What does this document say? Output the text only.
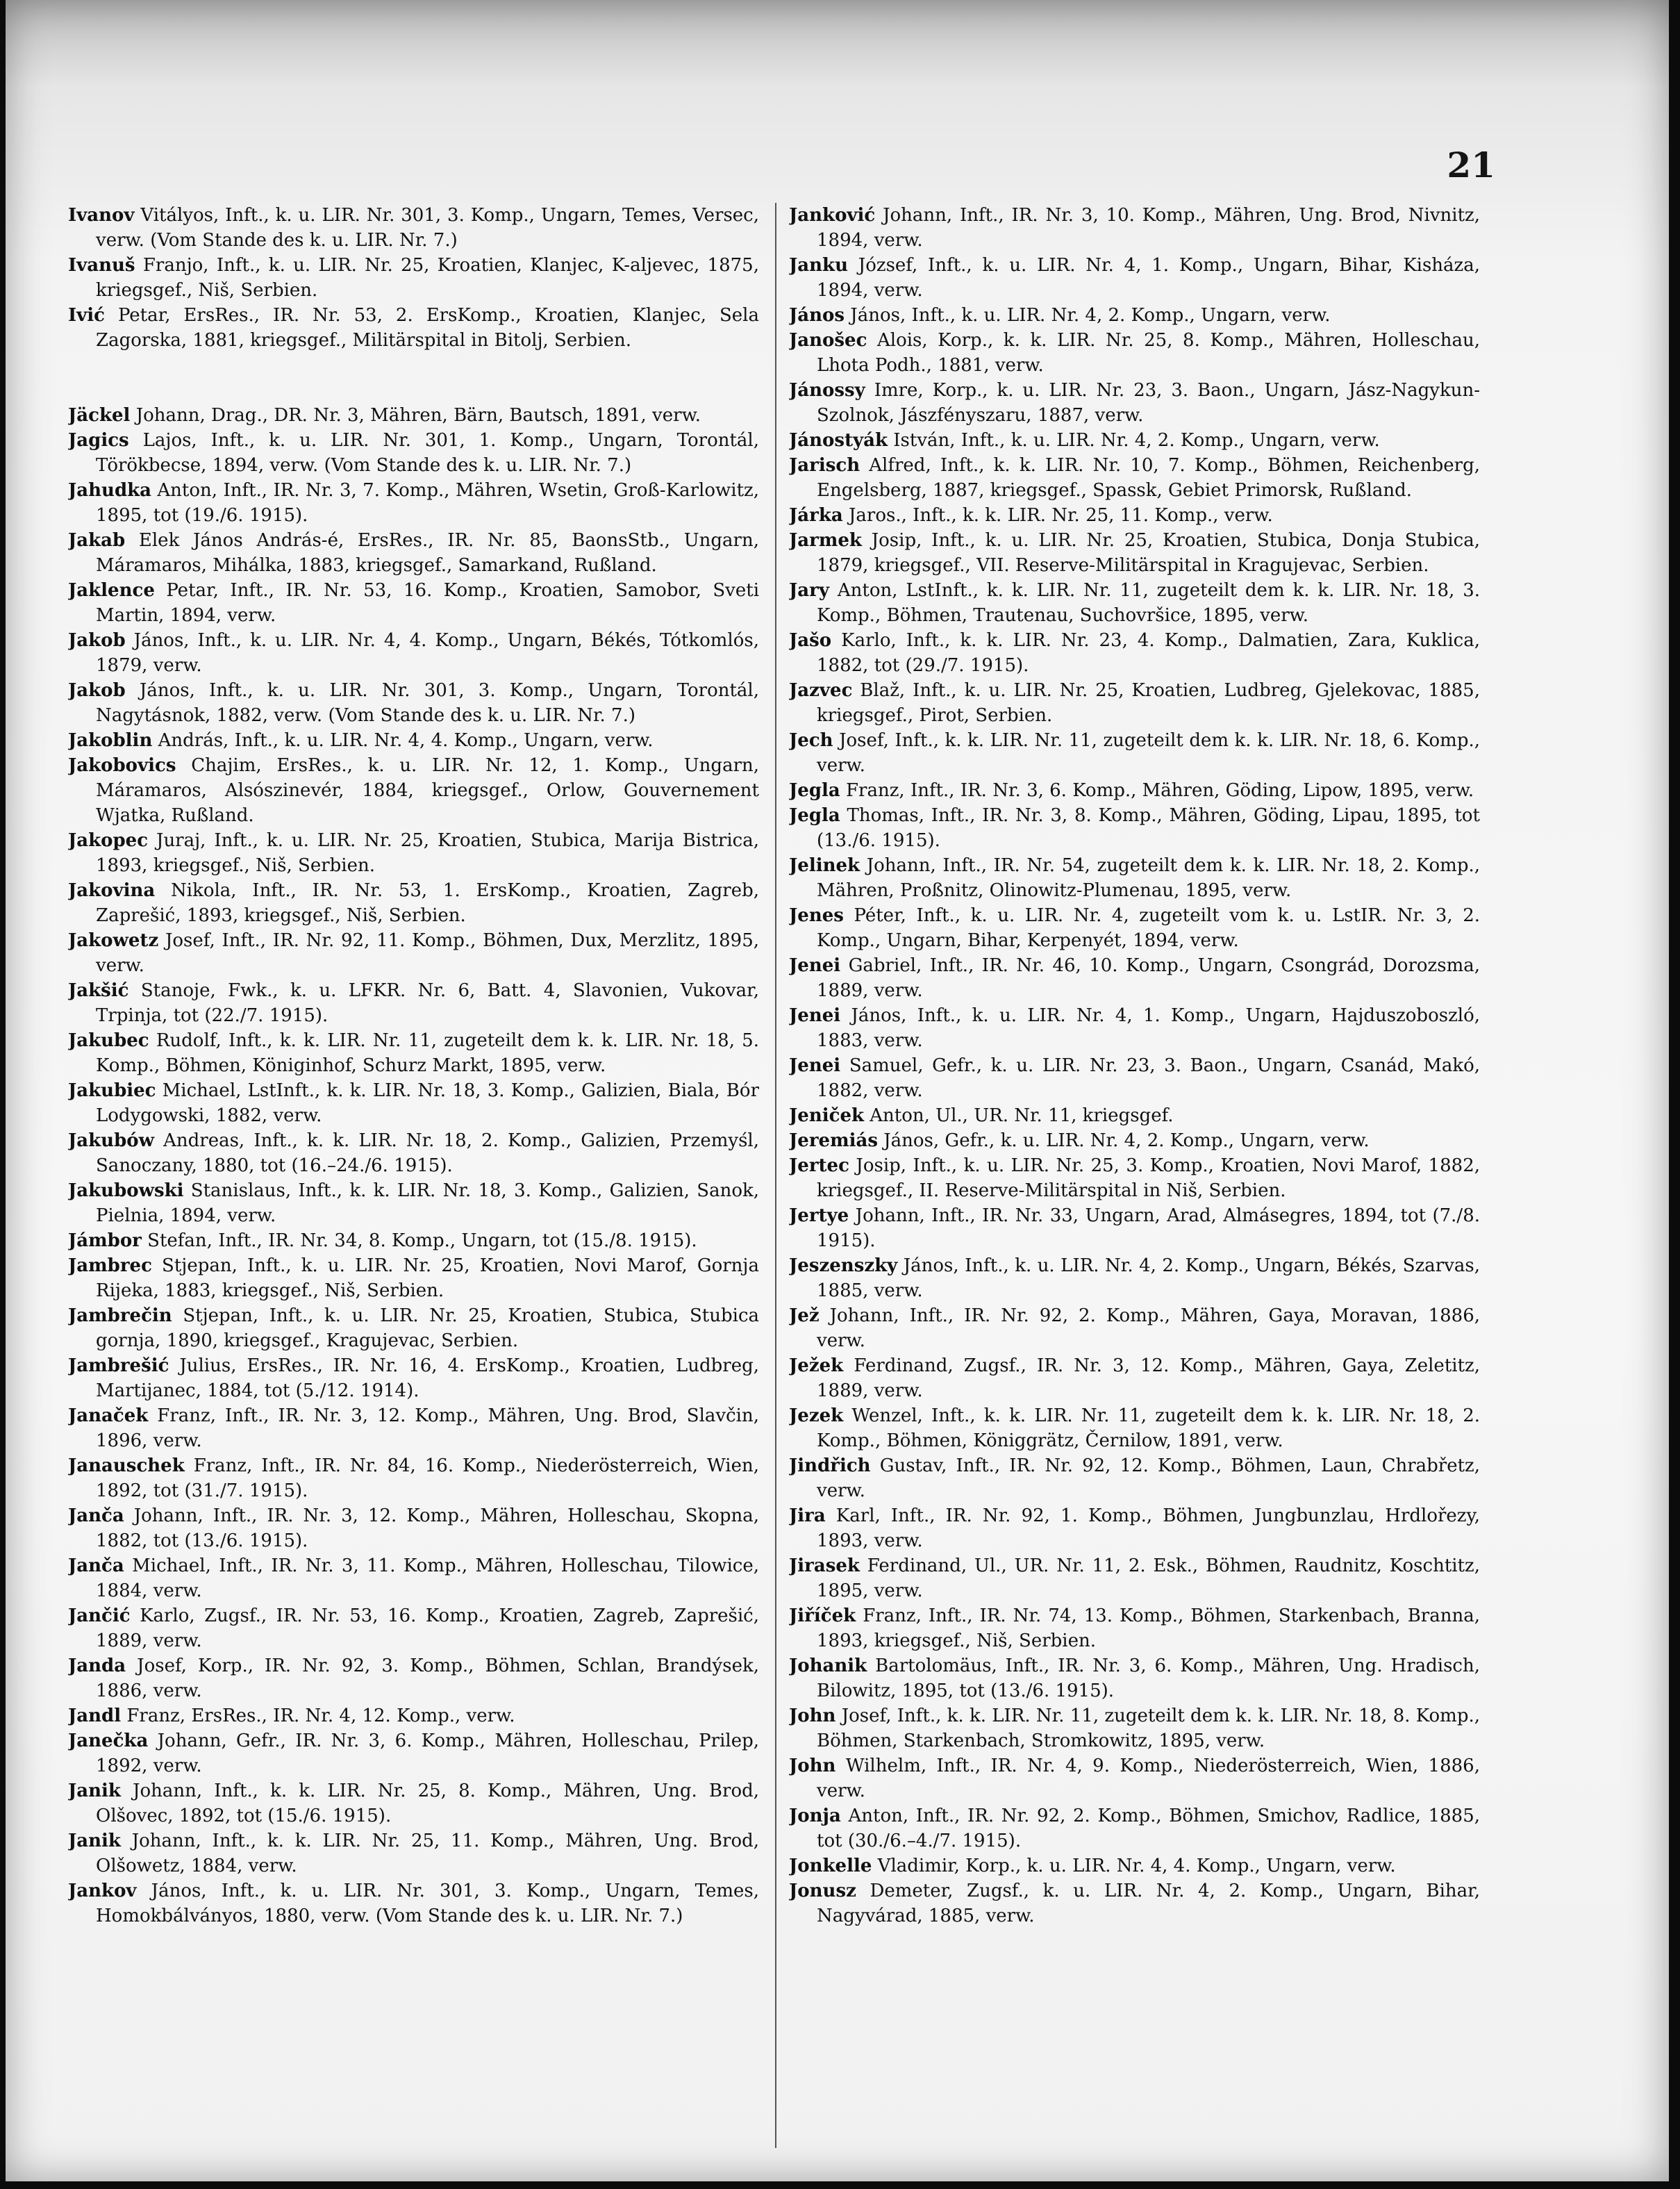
21

Ivanov Vitályos, Inft., k. u. LIR. Nr. 301, 3. Komp., Ungarn, Temes, Versec, verw. (Vom Stande des k. u. LIR. Nr. 7.)

Ivanuš Franjo, Inft., k. u. LIR. Nr. 25, Kroatien, Klanjec, K-aljevec, 1875, kriegsgef., Niš, Serbien.

Ivić Petar, ErsRes., IR. Nr. 53, 2. ErsKomp., Kroatien, Klanjec, Sela Zagorska, 1881, kriegsgef., Militärspital in Bitolj, Serbien.

Jäckel Johann, Drag., DR. Nr. 3, Mähren, Bärn, Bautsch, 1891, verw.

Jagics Lajos, Inft., k. u. LIR. Nr. 301, 1. Komp., Ungarn, Torontál, Törökbecse, 1894, verw. (Vom Stande des k. u. LIR. Nr. 7.)

Jahudka Anton, Inft., IR. Nr. 3, 7. Komp., Mähren, Wsetin, Groß-Karlowitz, 1895, tot (19./6. 1915).

Jakab Elek János András-é, ErsRes., IR. Nr. 85, BaonsStb., Ungarn, Máramaros, Mihálka, 1883, kriegsgef., Samarkand, Rußland.

Jaklence Petar, Inft., IR. Nr. 53, 16. Komp., Kroatien, Samobor, Sveti Martin, 1894, verw.

Jakob János, Inft., k. u. LIR. Nr. 4, 4. Komp., Ungarn, Békés, Tótkomlós, 1879, verw.

Jakob János, Inft., k. u. LIR. Nr. 301, 3. Komp., Ungarn, Torontál, Nagytásnok, 1882, verw. (Vom Stande des k. u. LIR. Nr. 7.)

Jakoblin András, Inft., k. u. LIR. Nr. 4, 4. Komp., Ungarn, verw.

Jakobovics Chajim, ErsRes., k. u. LIR. Nr. 12, 1. Komp., Ungarn, Máramaros, Alsószinevér, 1884, kriegsgef., Orlow, Gouvernement Wjatka, Rußland.

Jakopec Juraj, Inft., k. u. LIR. Nr. 25, Kroatien, Stubica, Marija Bistrica, 1893, kriegsgef., Niš, Serbien.

Jakovina Nikola, Inft., IR. Nr. 53, 1. ErsKomp., Kroatien, Zagreb, Zaprešić, 1893, kriegsgef., Niš, Serbien.

Jakowetz Josef, Inft., IR. Nr. 92, 11. Komp., Böhmen, Dux, Merzlitz, 1895, verw.

Jakšić Stanoje, Fwk., k. u. LFKR. Nr. 6, Batt. 4, Slavonien, Vukovar, Trpinja, tot (22./7. 1915).

Jakubec Rudolf, Inft., k. k. LIR. Nr. 11, zugeteilt dem k. k. LIR. Nr. 18, 5. Komp., Böhmen, Königinhof, Schurz Markt, 1895, verw.

Jakubiec Michael, LstInft., k. k. LIR. Nr. 18, 3. Komp., Galizien, Biala, Bór Lodygowski, 1882, verw.

Jakubów Andreas, Inft., k. k. LIR. Nr. 18, 2. Komp., Galizien, Przemyśl, Sanoczany, 1880, tot (16.–24./6. 1915).

Jakubowski Stanislaus, Inft., k. k. LIR. Nr. 18, 3. Komp., Galizien, Sanok, Pielnia, 1894, verw.

Jámbor Stefan, Inft., IR. Nr. 34, 8. Komp., Ungarn, tot (15./8. 1915).

Jambrec Stjepan, Inft., k. u. LIR. Nr. 25, Kroatien, Novi Marof, Gornja Rijeka, 1883, kriegsgef., Niš, Serbien.

Jambrečin Stjepan, Inft., k. u. LIR. Nr. 25, Kroatien, Stubica, Stubica gornja, 1890, kriegsgef., Kragujevac, Serbien.

Jambrešić Julius, ErsRes., IR. Nr. 16, 4. ErsKomp., Kroatien, Ludbreg, Martijanec, 1884, tot (5./12. 1914).

Janaček Franz, Inft., IR. Nr. 3, 12. Komp., Mähren, Ung. Brod, Slavčin, 1896, verw.

Janauschek Franz, Inft., IR. Nr. 84, 16. Komp., Niederösterreich, Wien, 1892, tot (31./7. 1915).

Janča Johann, Inft., IR. Nr. 3, 12. Komp., Mähren, Holleschau, Skopna, 1882, tot (13./6. 1915).

Janča Michael, Inft., IR. Nr. 3, 11. Komp., Mähren, Holleschau, Tilowice, 1884, verw.

Jančić Karlo, Zugsf., IR. Nr. 53, 16. Komp., Kroatien, Zagreb, Zaprešić, 1889, verw.

Janda Josef, Korp., IR. Nr. 92, 3. Komp., Böhmen, Schlan, Brandýsek, 1886, verw.

Jandl Franz, ErsRes., IR. Nr. 4, 12. Komp., verw.

Janečka Johann, Gefr., IR. Nr. 3, 6. Komp., Mähren, Holleschau, Prilep, 1892, verw.

Janik Johann, Inft., k. k. LIR. Nr. 25, 8. Komp., Mähren, Ung. Brod, Olšovec, 1892, tot (15./6. 1915).

Janik Johann, Inft., k. k. LIR. Nr. 25, 11. Komp., Mähren, Ung. Brod, Olšowetz, 1884, verw.

Jankov János, Inft., k. u. LIR. Nr. 301, 3. Komp., Ungarn, Temes, Homokbálványos, 1880, verw. (Vom Stande des k. u. LIR. Nr. 7.)

Janković Johann, Inft., IR. Nr. 3, 10. Komp., Mähren, Ung. Brod, Nivnitz, 1894, verw.

Janku József, Inft., k. u. LIR. Nr. 4, 1. Komp., Ungarn, Bihar, Kisháza, 1894, verw.

János János, Inft., k. u. LIR. Nr. 4, 2. Komp., Ungarn, verw.

Janošec Alois, Korp., k. k. LIR. Nr. 25, 8. Komp., Mähren, Holleschau, Lhota Podh., 1881, verw.

Jánossy Imre, Korp., k. u. LIR. Nr. 23, 3. Baon., Ungarn, Jász-Nagykun-Szolnok, Jászfényszaru, 1887, verw.

Jánostyák István, Inft., k. u. LIR. Nr. 4, 2. Komp., Ungarn, verw.

Jarisch Alfred, Inft., k. k. LIR. Nr. 10, 7. Komp., Böhmen, Reichenberg, Engelsberg, 1887, kriegsgef., Spassk, Gebiet Primorsk, Rußland.

Járka Jaros., Inft., k. k. LIR. Nr. 25, 11. Komp., verw.

Jarmek Josip, Inft., k. u. LIR. Nr. 25, Kroatien, Stubica, Donja Stubica, 1879, kriegsgef., VII. Reserve-Militärspital in Kragujevac, Serbien.

Jary Anton, LstInft., k. k. LIR. Nr. 11, zugeteilt dem k. k. LIR. Nr. 18, 3. Komp., Böhmen, Trautenau, Suchovršice, 1895, verw.

Jašo Karlo, Inft., k. k. LIR. Nr. 23, 4. Komp., Dalmatien, Zara, Kuklica, 1882, tot (29./7. 1915).

Jazvec Blaž, Inft., k. u. LIR. Nr. 25, Kroatien, Ludbreg, Gjelekovac, 1885, kriegsgef., Pirot, Serbien.

Jech Josef, Inft., k. k. LIR. Nr. 11, zugeteilt dem k. k. LIR. Nr. 18, 6. Komp., verw.

Jegla Franz, Inft., IR. Nr. 3, 6. Komp., Mähren, Göding, Lipow, 1895, verw.

Jegla Thomas, Inft., IR. Nr. 3, 8. Komp., Mähren, Göding, Lipau, 1895, tot (13./6. 1915).

Jelinek Johann, Inft., IR. Nr. 54, zugeteilt dem k. k. LIR. Nr. 18, 2. Komp., Mähren, Proßnitz, Olinowitz-Plumenau, 1895, verw.

Jenes Péter, Inft., k. u. LIR. Nr. 4, zugeteilt vom k. u. LstIR. Nr. 3, 2. Komp., Ungarn, Bihar, Kerpenyét, 1894, verw.

Jenei Gabriel, Inft., IR. Nr. 46, 10. Komp., Ungarn, Csongrád, Dorozsma, 1889, verw.

Jenei János, Inft., k. u. LIR. Nr. 4, 1. Komp., Ungarn, Hajduszoboszló, 1883, verw.

Jenei Samuel, Gefr., k. u. LIR. Nr. 23, 3. Baon., Ungarn, Csanád, Makó, 1882, verw.

Jeniček Anton, Ul., UR. Nr. 11, kriegsgef.

Jeremiás János, Gefr., k. u. LIR. Nr. 4, 2. Komp., Ungarn, verw.

Jertec Josip, Inft., k. u. LIR. Nr. 25, 3. Komp., Kroatien, Novi Marof, 1882, kriegsgef., II. Reserve-Militärspital in Niš, Serbien.

Jertye Johann, Inft., IR. Nr. 33, Ungarn, Arad, Almásegres, 1894, tot (7./8. 1915).

Jeszenszky János, Inft., k. u. LIR. Nr. 4, 2. Komp., Ungarn, Békés, Szarvas, 1885, verw.

Jež Johann, Inft., IR. Nr. 92, 2. Komp., Mähren, Gaya, Moravan, 1886, verw.

Ježek Ferdinand, Zugsf., IR. Nr. 3, 12. Komp., Mähren, Gaya, Zeletitz, 1889, verw.

Jezek Wenzel, Inft., k. k. LIR. Nr. 11, zugeteilt dem k. k. LIR. Nr. 18, 2. Komp., Böhmen, Königgrätz, Černilow, 1891, verw.

Jindřich Gustav, Inft., IR. Nr. 92, 12. Komp., Böhmen, Laun, Chrabřetz, verw.

Jira Karl, Inft., IR. Nr. 92, 1. Komp., Böhmen, Jungbunzlau, Hrdlořezy, 1893, verw.

Jirasek Ferdinand, Ul., UR. Nr. 11, 2. Esk., Böhmen, Raudnitz, Koschtitz, 1895, verw.

Jiříček Franz, Inft., IR. Nr. 74, 13. Komp., Böhmen, Starkenbach, Branna, 1893, kriegsgef., Niš, Serbien.

Johanik Bartolomäus, Inft., IR. Nr. 3, 6. Komp., Mähren, Ung. Hradisch, Bilowitz, 1895, tot (13./6. 1915).

John Josef, Inft., k. k. LIR. Nr. 11, zugeteilt dem k. k. LIR. Nr. 18, 8. Komp., Böhmen, Starkenbach, Stromkowitz, 1895, verw.

John Wilhelm, Inft., IR. Nr. 4, 9. Komp., Niederösterreich, Wien, 1886, verw.

Jonja Anton, Inft., IR. Nr. 92, 2. Komp., Böhmen, Smichov, Radlice, 1885, tot (30./6.–4./7. 1915).

Jonkelle Vladimir, Korp., k. u. LIR. Nr. 4, 4. Komp., Ungarn, verw.

Jonusz Demeter, Zugsf., k. u. LIR. Nr. 4, 2. Komp., Ungarn, Bihar, Nagyvárad, 1885, verw.
